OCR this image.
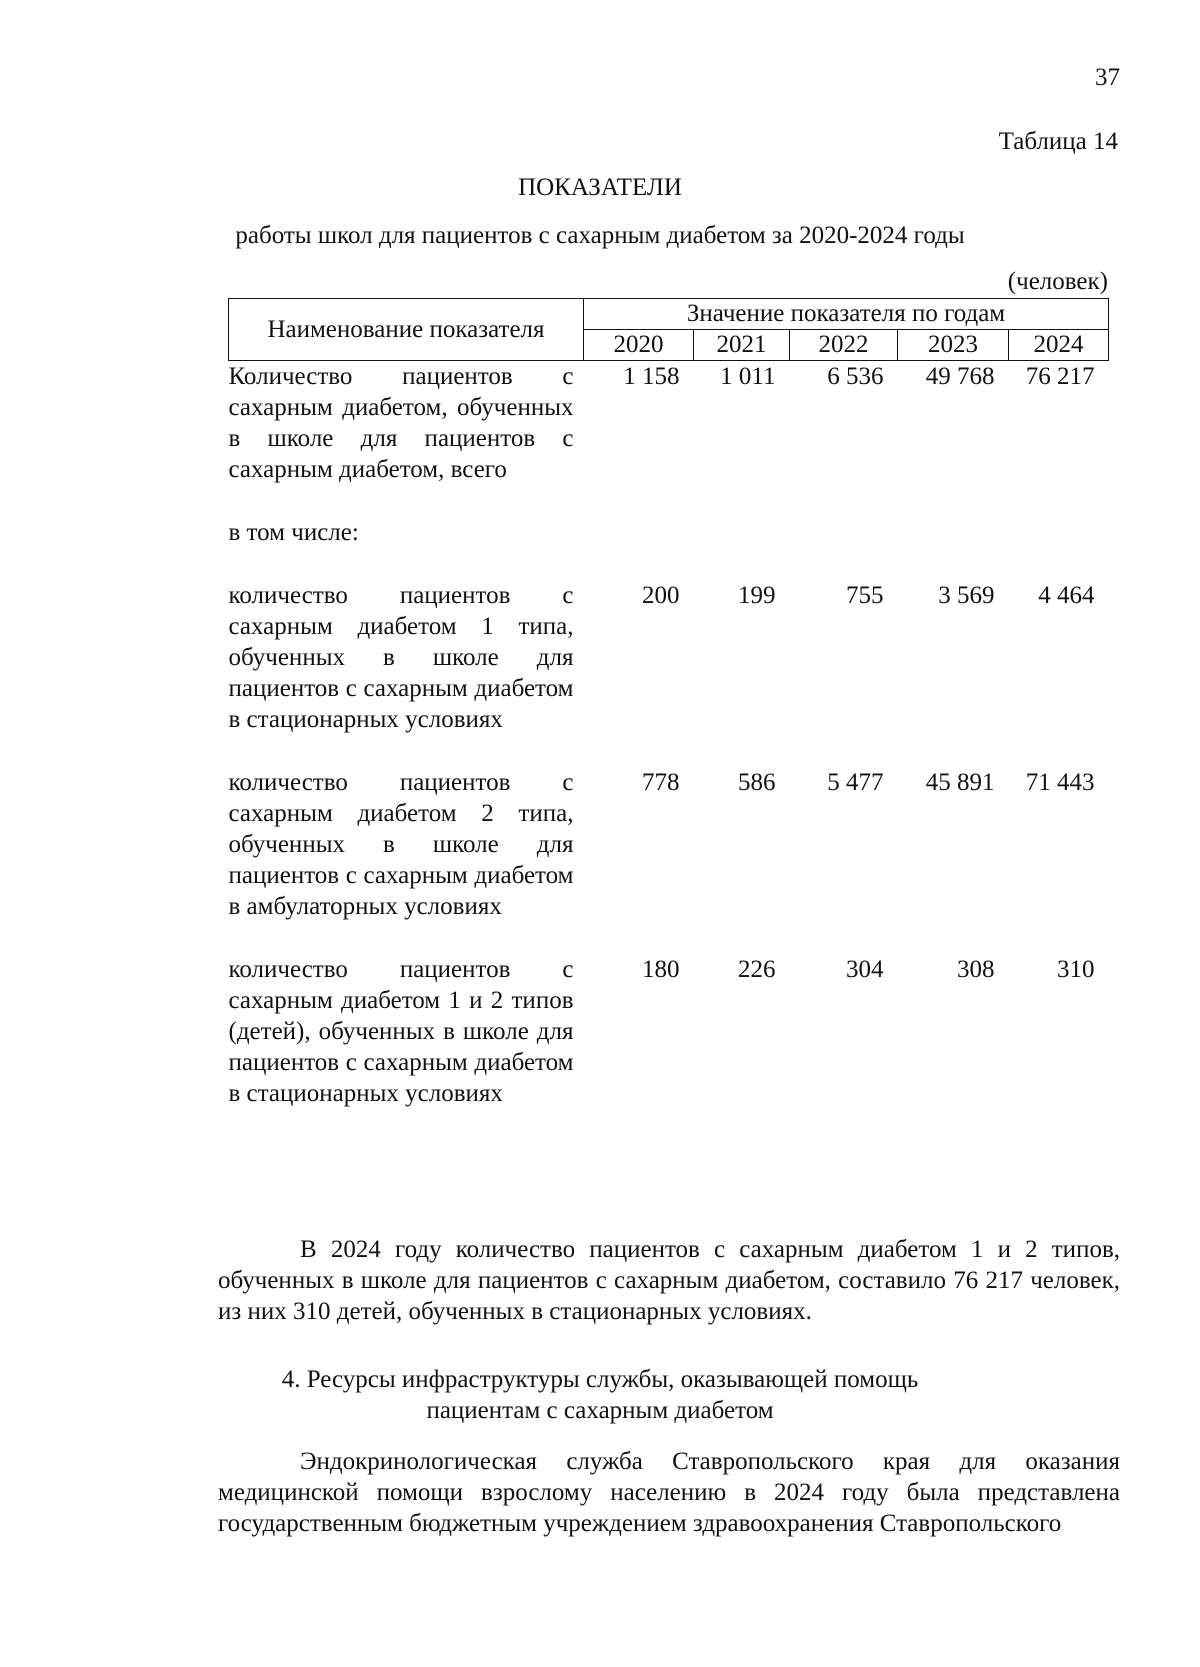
37
Таблица 14
ПОКАЗАТЕЛИ
работы школ для пациентов с сахарным диабетом за 2020-2024 годы
(человек)
Наименование показателя	Значение показателя по годам				
	2020	2021	2022	2023	2024
Количество пациентов с сахарным диабетом, обученных в школе для пациентов с сахарным диабетом, всего	1 158	1 011	6 536	49 768	76 217
в том числе:					
количество пациентов с сахарным диабетом 1 типа, обученных в школе для пациентов с сахарным диабетом в стационарных условиях	200	199	755	3 569	4 464
количество пациентов с сахарным диабетом 2 типа, обученных в школе для пациентов с сахарным диабетом в амбулаторных условиях	778	586	5 477	45 891	71 443
количество пациентов с сахарным диабетом 1 и 2 типов (детей), обученных в школе для пациентов с сахарным диабетом в стационарных условиях	180	226	304	308	310
В 2024 году количество пациентов с сахарным диабетом 1 и 2 типов, обученных в школе для пациентов с сахарным диабетом, составило 76 217 человек, из них 310 детей, обученных в стационарных условиях.
4. Ресурсы инфраструктуры службы, оказывающей помощь
пациентам с сахарным диабетом
Эндокринологическая служба Ставропольского края для оказания медицинской помощи взрослому населению в 2024 году была представлена государственным бюджетным учреждением здравоохранения Ставропольского
